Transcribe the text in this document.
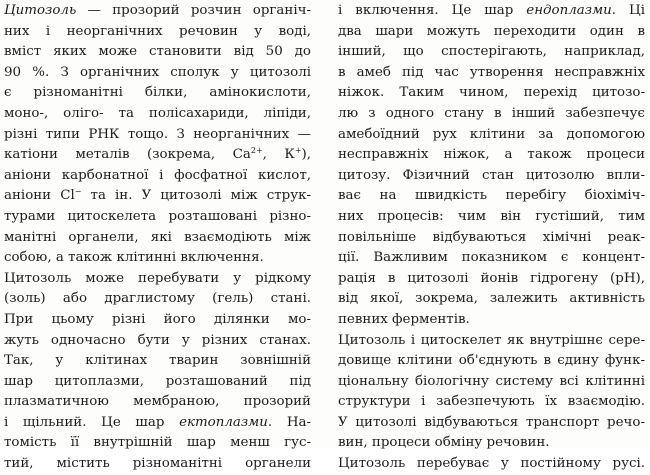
Цитозоль — прозорий розчин органіч-
них і неорганічних речовин у воді,
вміст яких може становити від 50 до
90 %. З органічних сполук у цитозолі
є різноманітні білки, амінокислоти,
моно-, оліго- та полісахариди, ліпіди,
різні типи РНК тощо. З неорганічних —
катіони металів (зокрема, $Са^{2+}$, К+),
аніони карбонатної і фосфатної кислот,
аніони Сl− та ін. У цитозолі між струк-
турами цитоскелета розташовані різно-
манітні органели, які взаємодіють між
собою, а також клітинні включення.
Цитозоль може перебувати у рідкому
(золь) або драглистому (гель) стані.
При цьому різні його ділянки мо-
жуть одночасно бути у різних станах.
Так, у клітинах тварин зовнішній
шар цитоплазми, розташований під
плазматичною мембраною, прозорий
і щільний. Це шар ектоплазми. На-
томість її внутрішній шар менш гус-
тий, містить різноманітні органели
і включення. Це шар ендоплазми. Ці
два шари можуть переходити один в
інший, що спостерігають, наприклад,
в амеб під час утворення несправжніх
ніжок. Таким чином, перехід цитозо-
лю з одного стану в інший забезпечує
амебоїдний рух клітини за допомогою
несправжніх ніжок, а також процеси
цитозу. Фізичний стан цитозолю впли-
ває на швидкість перебігу біохіміч-
них процесів: чим він густіший, тим
повільніше відбуваються хімічні реак-
ції. Важливим показником є концент-
рація в цитозолі йонів гідрогену (рН),
від якої, зокрема, залежить активність
певних ферментів.
Цитозоль і цитоскелет як внутрішнє сере-
довище клітини об'єднують в єдину функ-
ціональну біологічну систему всі клітинні
структури і забезпечують їх взаємодію.
У цитозолі відбуваються транспорт речо-
вин, процеси обміну речовин.
Цитозоль перебуває у постійному русі.
